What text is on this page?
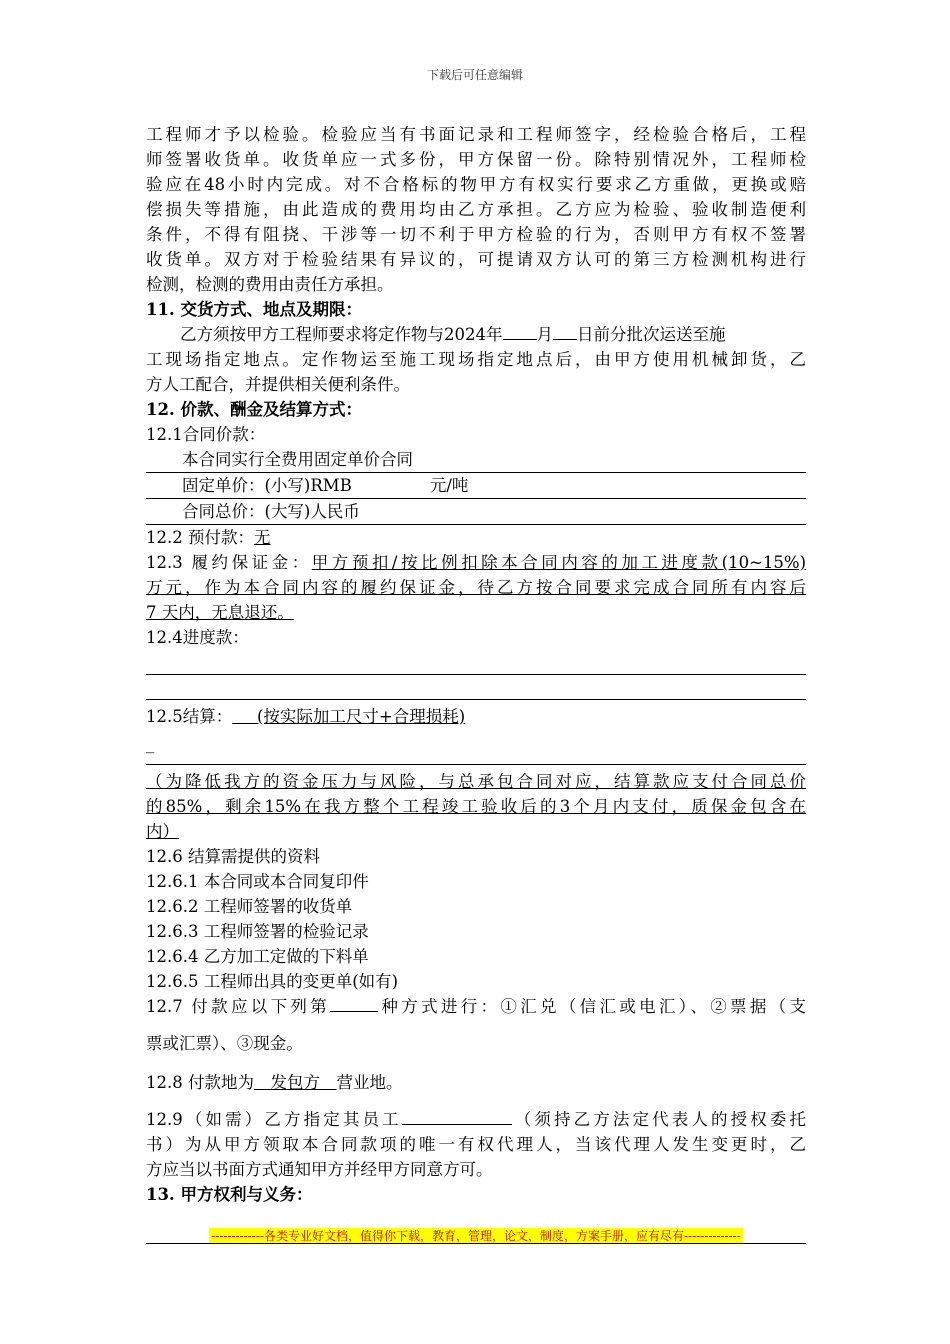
下载后可任意编辑

工程师才予以检验。检验应当有书面记录和工程师签字，经检验合格后，工程

师签署收货单。收货单应一式多份，甲方保留一份。除特别情况外，工程师检

验应在48小时内完成。对不合格标的物甲方有权实行要求乙方重做，更换或赔

偿损失等措施，由此造成的费用均由乙方承担。乙方应为检验、验收制造便利

条件，不得有阻挠、干涉等一切不利于甲方检验的行为，否则甲方有权不签署

收货单。双方对于检验结果有异议的，可提请双方认可的第三方检测机构进行

检测，检测的费用由责任方承担。

11. 交货方式、地点及期限：

乙方须按甲方工程师要求将定作物与2024年 月 日前分批次运送至施

工现场指定地点。定作物运至施工现场指定地点后，由甲方使用机械卸货，乙

方人工配合，并提供相关便利条件。

12. 价款、酬金及结算方式：

12.1合同价款：

本合同实行全费用固定单价合同

固定单价：(小写)RMB	元/吨

合同总价：(大写)人民币

12.2 预付款：无

12.3 履约保证金：甲方预扣/按比例扣除本合同内容的加工进度款(10~15%)

万元，作为本合同内容的履约保证金，待乙方按合同要求完成合同所有内容后

7 天内，无息退还。

12.4进度款：

12.5结算：   (按实际加工尺寸+合理损耗)

_

（为降低我方的资金压力与风险，与总承包合同对应，结算款应支付合同总价

的85%，剩余15%在我方整个工程竣工验收后的3个月内支付，质保金包含在

内）

12.6 结算需提供的资料

12.6.1 本合同或本合同复印件

12.6.2 工程师签署的收货单

12.6.3 工程师签署的检验记录

12.6.4 乙方加工定做的下料单

12.6.5 工程师出具的变更单(如有)

12.7 付款应以下列第	种方式进行：①汇兑（信汇或电汇）、②票据（支

票或汇票）、③现金。

12.8 付款地为   发包方   营业地。

12.9（如需）乙方指定其员工	（须持乙方法定代表人的授权委托

书）为从甲方领取本合同款项的唯一有权代理人，当该代理人发生变更时，乙

方应当以书面方式通知甲方并经甲方同意方可。

13. 甲方权利与义务：

-------------各类专业好文档，值得你下载，教育，管理，论文，制度，方案手册，应有尽有--------------
